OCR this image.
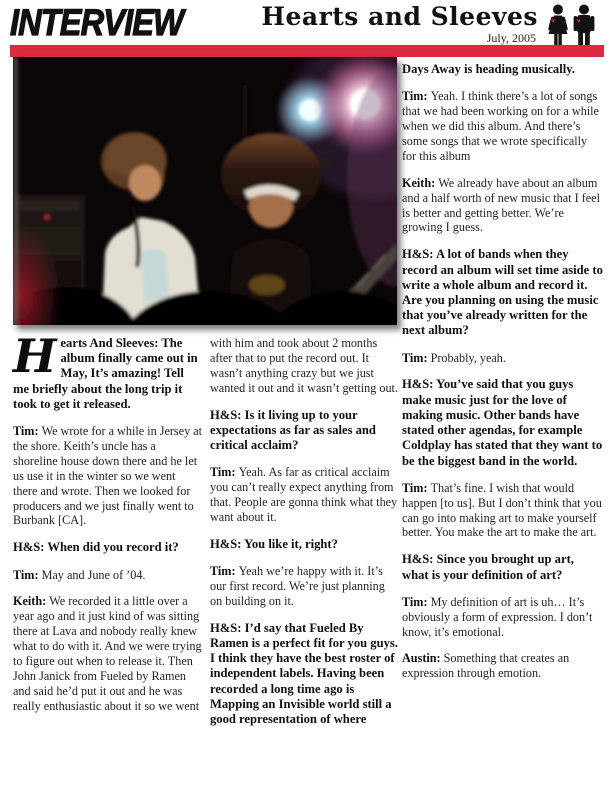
INTERVIEW	Hearts and Sleeves
July, 2005
♥	♥

Hearts And Sleeves: The album finally came out in May, It’s amazing! Tell me briefly about the long trip it took to get it released.

Tim: We wrote for a while in Jersey at the shore. Keith’s uncle has a shoreline house down there and he let us use it in the winter so we went there and wrote. Then we looked for producers and we just finally went to Burbank [CA].

H&S: When did you record it?

Tim: May and June of ’04.

Keith: We recorded it a little over a year ago and it just kind of was sitting there at Lava and nobody really knew what to do with it. And we were trying to figure out when to release it. Then John Janick from Fueled by Ramen and said he’d put it out and he was really enthusiastic about it so we went

with him and took about 2 months after that to put the record out. It wasn’t anything crazy but we just wanted it out and it wasn’t getting out.

H&S: Is it living up to your expectations as far as sales and critical acclaim?

Tim: Yeah. As far as critical acclaim you can’t really expect anything from that. People are gonna think what they want about it.

H&S: You like it, right?

Tim: Yeah we’re happy with it. It’s our first record. We’re just planning on building on it.

H&S: I’d say that Fueled By Ramen is a perfect fit for you guys. I think they have the best roster of independent labels. Having been recorded a long time ago is Mapping an Invisible world still a good representation of where

Days Away is heading musically.

Tim: Yeah. I think there’s a lot of songs that we had been working on for a while when we did this album. And there’s some songs that we wrote specifically for this album

Keith: We already have about an album and a half worth of new music that I feel is better and getting better. We’re growing I guess.

H&S: A lot of bands when they record an album will set time aside to write a whole album and record it. Are you planning on using the music that you’ve already written for the next album?

Tim: Probably, yeah.

H&S: You’ve said that you guys make music just for the love of making music. Other bands have stated other agendas, for example Coldplay has stated that they want to be the biggest band in the world.

Tim: That’s fine. I wish that would happen [to us]. But I don’t think that you can go into making art to make yourself better. You make the art to make the art.

H&S: Since you brought up art, what is your definition of art?

Tim: My definition of art is uh… It’s obviously a form of expression. I don’t know, it’s emotional.

Austin: Something that creates an expression through emotion.
